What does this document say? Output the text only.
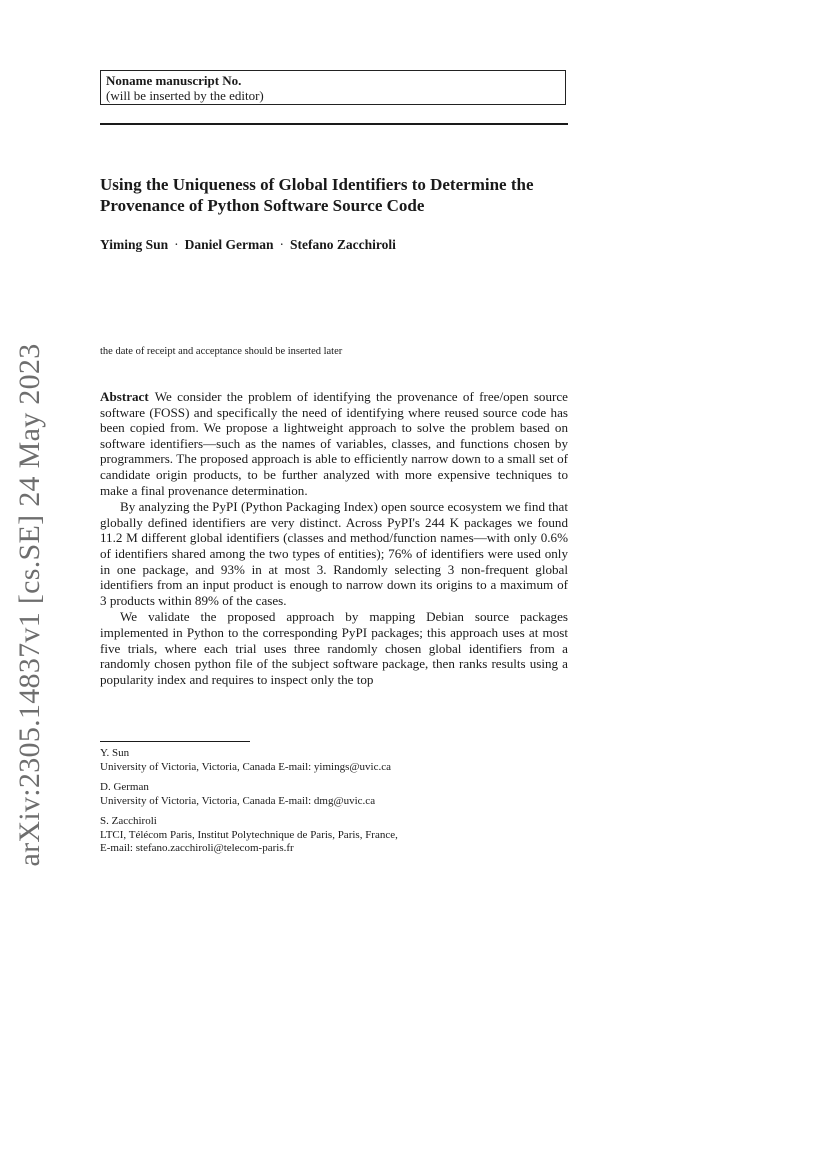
arXiv:2305.14837v1 [cs.SE] 24 May 2023
Noname manuscript No.
(will be inserted by the editor)
Using the Uniqueness of Global Identifiers to Determine the Provenance of Python Software Source Code
Yiming Sun · Daniel German · Stefano Zacchiroli
the date of receipt and acceptance should be inserted later

Abstract We consider the problem of identifying the provenance of free/open source software (FOSS) and specifically the need of identifying where reused source code has been copied from. We propose a lightweight approach to solve the problem based on software identifiers—such as the names of variables, classes, and functions chosen by programmers. The proposed approach is able to efficiently narrow down to a small set of candidate origin products, to be further analyzed with more expensive techniques to make a final provenance determination.

By analyzing the PyPI (Python Packaging Index) open source ecosystem we find that globally defined identifiers are very distinct. Across PyPI's 244 K packages we found 11.2 M different global identifiers (classes and method/function names—with only 0.6% of identifiers shared among the two types of entities); 76% of identifiers were used only in one package, and 93% in at most 3. Randomly selecting 3 non-frequent global identifiers from an input product is enough to narrow down its origins to a maximum of 3 products within 89% of the cases.

We validate the proposed approach by mapping Debian source packages implemented in Python to the corresponding PyPI packages; this approach uses at most five trials, where each trial uses three randomly chosen global identifiers from a randomly chosen python file of the subject software package, then ranks results using a popularity index and requires to inspect only the top

Y. Sun
University of Victoria, Victoria, Canada E-mail: yimings@uvic.ca
D. German
University of Victoria, Victoria, Canada E-mail: dmg@uvic.ca
S. Zacchiroli
LTCI, Télécom Paris, Institut Polytechnique de Paris, Paris, France,
E-mail: stefano.zacchiroli@telecom-paris.fr
